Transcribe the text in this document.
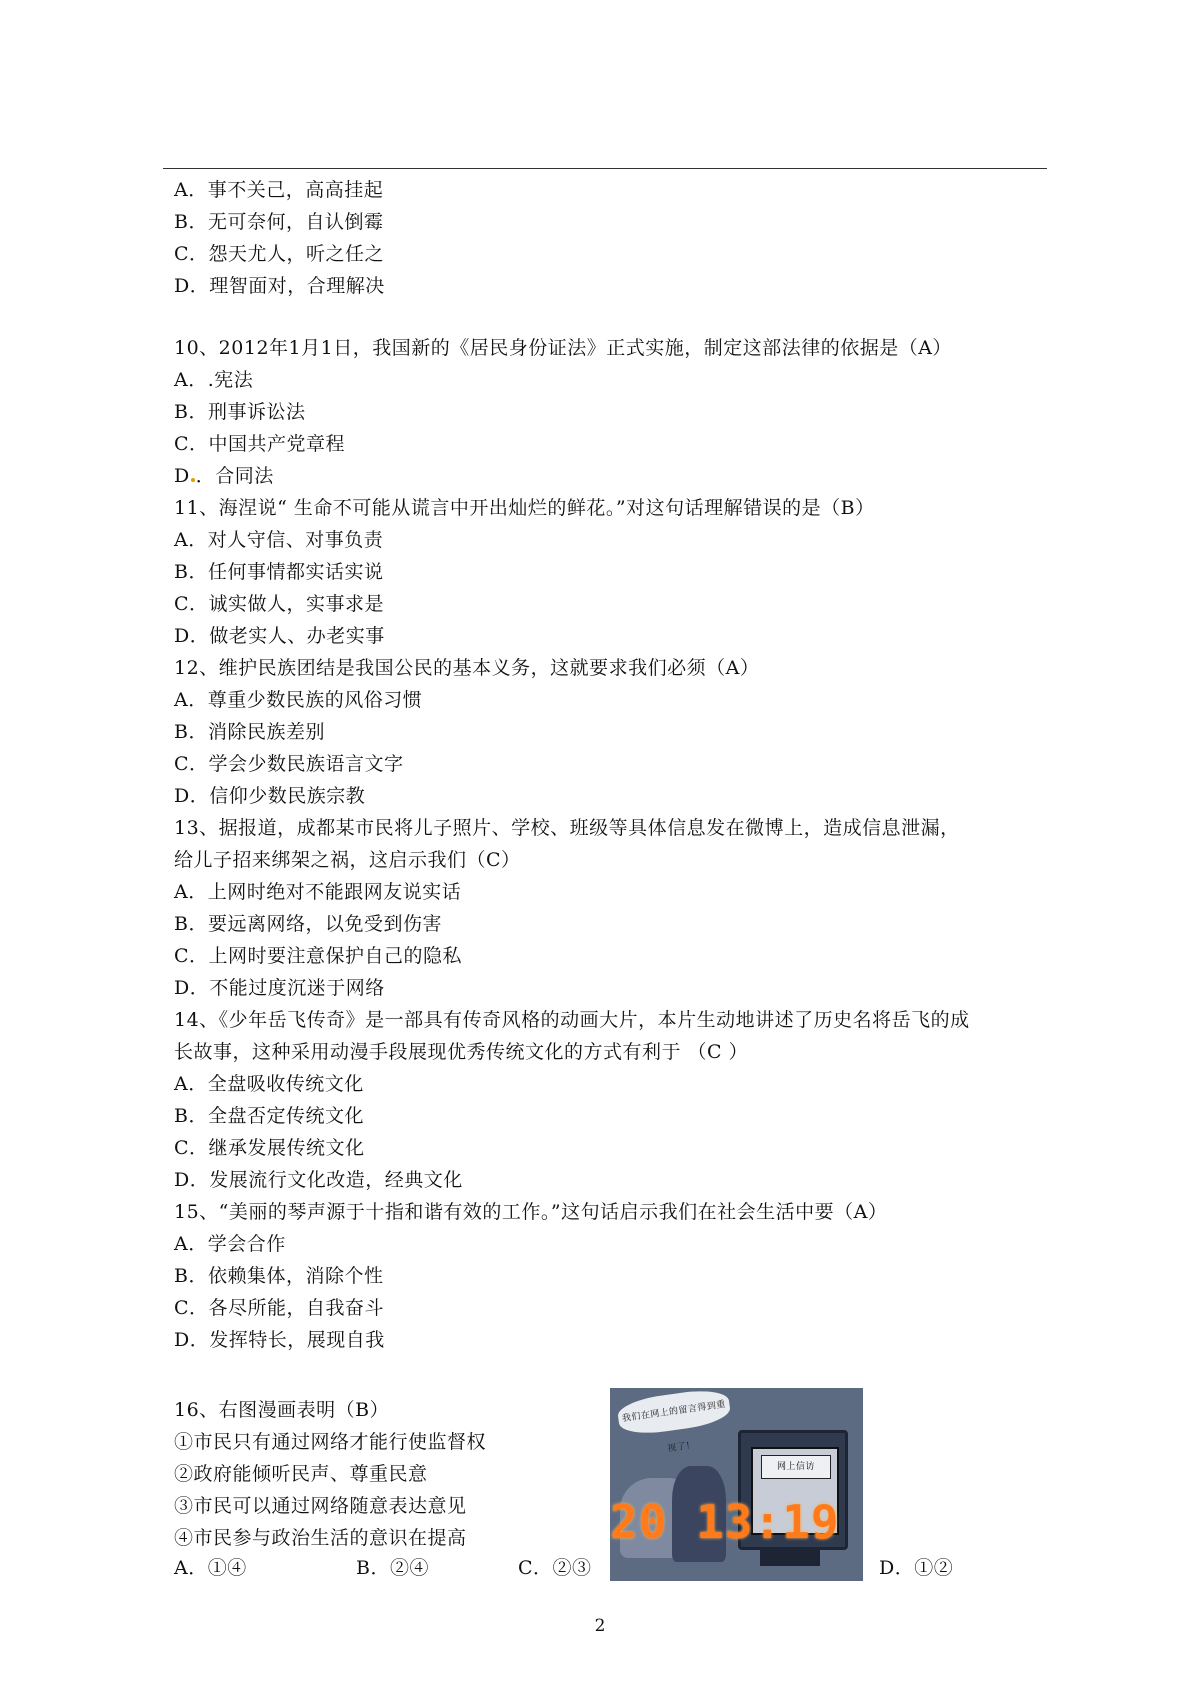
A．事不关己，高高挂起
B．无可奈何，自认倒霉
C．怨天尤人，听之任之
D．理智面对，合理解决
10、2012年1月1日，我国新的《居民身份证法》正式实施，制定这部法律的依据是（A）
A．.宪法
B．刑事诉讼法
C．中国共产党章程
D ．合同法
11、海涅说“ 生命不可能从谎言中开出灿烂的鲜花。”对这句话理解错误的是（B）
A．对人守信、对事负责
B．任何事情都实话实说
C．诚实做人，实事求是
D．做老实人、办老实事
12、维护民族团结是我国公民的基本义务，这就要求我们必须（A）
A．尊重少数民族的风俗习惯
B．消除民族差别
C．学会少数民族语言文字
D．信仰少数民族宗教
13、据报道，成都某市民将儿子照片、学校、班级等具体信息发在微博上，造成信息泄漏，
给儿子招来绑架之祸，这启示我们（C）
A．上网时绝对不能跟网友说实话
B．要远离网络，以免受到伤害
C．上网时要注意保护自己的隐私
D．不能过度沉迷于网络
14、《少年岳飞传奇》是一部具有传奇风格的动画大片，本片生动地讲述了历史名将岳飞的成
长故事，这种采用动漫手段展现优秀传统文化的方式有利于 （C ）
A．全盘吸收传统文化
B．全盘否定传统文化
C．继承发展传统文化
D．发展流行文化改造，经典文化
15、“美丽的琴声源于十指和谐有效的工作。”这句话启示我们在社会生活中要（A）
A．学会合作
B．依赖集体，消除个性
C．各尽所能，自我奋斗
D．发挥特长，展现自我
16、右图漫画表明（B）
①市民只有通过网络才能行使监督权
②政府能倾听民声、尊重民意
③市民可以通过网络随意表达意见
④市民参与政治生活的意识在提高
我们在网上的留言得到重视了!
网上信访
20 13:19
A．①④	B．②④	C．②③	D．①②
2
